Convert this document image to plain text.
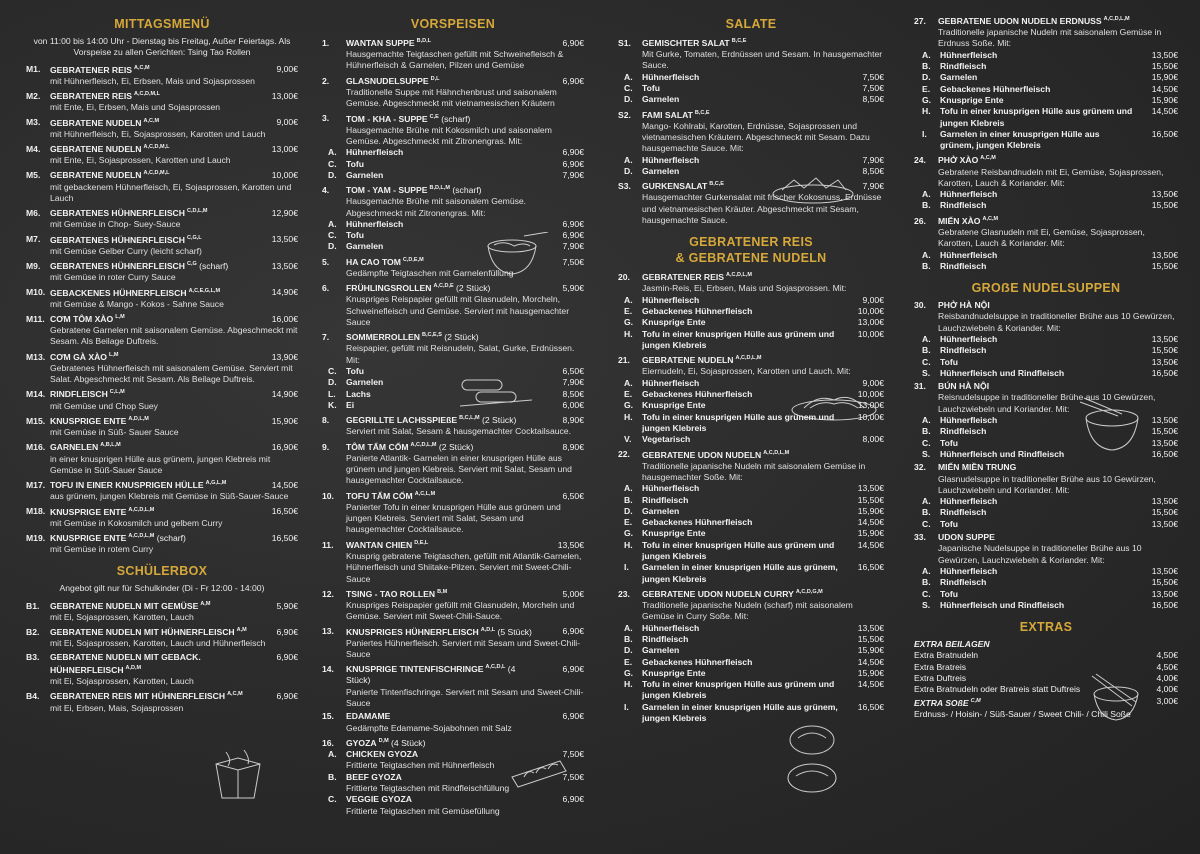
MITTAGSMENÜ
von 11:00 bis 14:00 Uhr - Dienstag bis Freitag, Außer Feiertags. Als Vorspeise zu allen Gerichten: Tsing Tao Rollen
M1.	GEBRATENER REIS $^{A,C,M}$	9,00€
mit Hühnerfleisch, Ei, Erbsen, Mais und Sojasprossen
M2.	GEBRATENER REIS $^{A,C,D,M,L}$	13,00€
mit Ente, Ei, Erbsen, Mais und Sojasprossen
M3.	GEBRATENE NUDELN $^{A,C,M}$	9,00€
mit Hühnerfleisch, Ei, Sojasprossen, Karotten und Lauch
M4.	GEBRATENE NUDELN $^{A,C,D,M,L}$	13,00€
mit Ente, Ei, Sojasprossen, Karotten und Lauch
M5.	GEBRATENE NUDELN $^{A,C,D,M,L}$	10,00€
mit gebackenem Hühnerfleisch, Ei, Sojasprossen, Karotten und Lauch
M6.	GEBRATENES HÜHNERFLEISCH $^{C,D,L,M}$	12,90€
mit Gemüse in Chop- Suey-Sauce
M7.	GEBRATENES HÜHNERFLEISCH $^{C,G,L}$	13,50€
mit Gemüse Gelber Curry (leicht scharf)
M9.	GEBRATENES HÜHNERFLEISCH $^{C,G}$ (scharf)	13,50€
mit Gemüse in roter Curry Sauce
M10. GEBACKENES HÜHNERFLEISCH $^{A,C,E,G,L,M}$	14,90€
mit Gemüse & Mango - Kokos - Sahne Sauce
M11. CƠM TÔM XÀO $^{L,M}$	16,00€
Gebratene Garnelen mit saisonalem Gemüse. Abgeschmeckt mit Sesam. Als Beilage Duftreis.
M13. CƠM GÀ XÀO $^{L,M}$	13,90€
Gebratenes Hühnerfleisch mit saisonalem Gemüse. Serviert mit Salat. Abgeschmeckt mit Sesam. Als Beilage Duftreis.
M14. RINDFLEISCH $^{C,L,M}$	14,90€
mit Gemüse und Chop Suey
M15. KNUSPRIGE ENTE $^{A,D,L,M}$	15,90€
mit Gemüse in Süß- Sauer Sauce
M16. GARNELEN $^{A,B,L,M}$	16,90€
in einer knusprigen Hülle aus grünem, jungen Klebreis mit Gemüse in Süß-Sauer Sauce
M17. TOFU IN EINER KNUSPRIGEN HÜLLE $^{A,G,L,M}$	14,50€
aus grünem, jungen Klebreis mit Gemüse in Süß-Sauer-Sauce
M18. KNUSPRIGE ENTE $^{A,C,D,L,M}$	16,50€
mit Gemüse in Kokosmilch und gelbem Curry
M19. KNUSPRIGE ENTE $^{A,C,D,L,M}$ (scharf)	16,50€
mit Gemüse in rotem Curry
SCHÜLERBOX
Angebot gilt nur für Schulkinder (Di - Fr 12:00 - 14:00)
B1.	GEBRATENE NUDELN MIT GEMÜSE $^{A,M}$	5,90€
mit Ei, Sojasprossen, Karotten, Lauch
B2.	GEBRATENE NUDELN MIT HÜHNERFLEISCH $^{A,M}$	6,90€
mit Ei, Sojasprossen, Karotten, Lauch und Hühnerfleisch
B3.	GEBRATENE NUDELN MIT GEBACK. HÜHNERFLEISCH $^{A,D,M}$
6,90€
mit Ei, Sojasprossen, Karotten, Lauch
B4.	GEBRATENER REIS MIT HÜHNERFLEISCH $^{A,C,M}$	6,90€
mit Ei, Erbsen, Mais, Sojasprossen
VORSPEISEN
1.	WANTAN SUPPE $^{B,D,L}$	6,90€
Hausgemachte Teigtaschen gefüllt mit Schweinefleisch & Hühnerfleisch & Garnelen, Pilzen und Gemüse
2.	GLASNUDELSUPPE $^{D,L}$	6,90€
Traditionelle Suppe mit Hähnchenbrust und saisonalem Gemüse. Abgeschmeckt mit vietnamesischen Kräutern
3.	TOM - KHA - SUPPE $^{C,E}$ (scharf)
Hausgemachte Brühe mit Kokosmilch und saisonalem Gemüse. Abgeschmeckt mit Zitronengras. Mit:
A.	Hühnerfleisch	6,90€
C.	Tofu	6,90€
D.	Garnelen	7,90€
4.	TOM - YAM - SUPPE $^{B,D,L,M}$ (scharf)
Hausgemachte Brühe mit saisonalem Gemüse. Abgeschmeckt mit Zitronengras. Mit:
A.	Hühnerfleisch	6,90€
C.	Tofu	6,90€
D.	Garnelen	7,90€
5.	HA CAO TOM $^{C,D,E,M}$	7,50€
Gedämpfte Teigtaschen mit Garnelenfüllung
6.	FRÜHLINGSROLLEN $^{A,C,D,E}$ (2 Stück)	5,90€
Knuspriges Reispapier gefüllt mit Glasnudeln, Morcheln, Schweinefleisch und Gemüse. Serviert mit hausgemachter Sauce
7.	SOMMERROLLEN $^{B,C,E,S}$ (2 Stück)
Reispapier, gefüllt mit Reisnudeln, Salat, Gurke, Erdnüssen. Mit:
C.	Tofu	6,50€
D.	Garnelen	7,90€
L.	Lachs	8,50€
K.	Ei	6,00€
8.	GEGRILLTE LACHSSPIEßE $^{B,C,L,M}$ (2 Stück)	8,90€
Serviert mit Salat, Sesam & hausgemachter Cocktailsauce.
9.	TÔM TẨM CỐM $^{A,C,D,L,M}$ (2 Stück)	8,90€
Panierte Atlantik- Garnelen in einer knusprigen Hülle aus grünem und jungen Klebreis. Serviert mit Salat, Sesam und hausgemachter Cocktailsauce.
10.	TOFU TẨM CỐM $^{A,C,L,M}$	6,50€
Panierter Tofu in einer knusprigen Hülle aus grünem und jungen Klebreis. Serviert mit Salat, Sesam und hausgemachter Cocktailsauce.
11.	WANTAN CHIEN $^{D,E,L}$	13,50€
Knusprig gebratene Teigtaschen, gefüllt mit Atlantik-Garnelen, Hühnerfleisch und Shiitake-Pilzen. Serviert mit Sweet-Chili-Sauce
12.	TSING - TAO ROLLEN $^{B,M}$	5,00€
Knuspriges Reispapier gefüllt mit Glasnudeln, Morcheln und Gemüse. Serviert mit Sweet-Chili-Sauce.
13.	KNUSPRIGES HÜHNERFLEISCH $^{A,D,L}$ (5 Stück)	6,90€
Paniertes Hühnerfleisch. Serviert mit Sesam und Sweet-Chili-Sauce
14.	KNUSPRIGE TINTENFISCHRINGE $^{A,C,D,L}$ (4 Stück)
6,90€
Panierte Tintenfischringe. Serviert mit Sesam und Sweet-Chili-Sauce
15.	EDAMAME	6,90€
Gedämpfte Edamame-Sojabohnen mit Salz
16.	GYOZA $^{D,M}$ (4 Stück)
A.	CHICKEN GYOZA	7,50€
Frittierte Teigtaschen mit Hühnerfleisch
B.	BEEF GYOZA	7,50€
Frittierte Teigtaschen mit Rindfleischfüllung
C.	VEGGIE GYOZA	6,90€
Frittierte Teigtaschen mit Gemüsefüllung
SALATE
S1.	GEMISCHTER SALAT $^{B,C,E}$
Mit Gurke, Tomaten, Erdnüssen und Sesam. In hausgemachter Sauce.
A.	Hühnerfleisch	7,50€
C.	Tofu	7,50€
D.	Garnelen	8,50€
S2.	FAMI SALAT $^{B,C,E}$
Mango- Kohlrabi, Karotten, Erdnüsse, Sojasprossen und vietnamesischen Kräutern. Abgeschmeckt mit Sesam. Dazu hausgemachte Sauce. Mit:
A.	Hühnerfleisch	7,90€
D.	Garnelen	8,50€
S3.	GURKENSALAT $^{B,C,E}$	7,90€
Hausgemachter Gurkensalat mit frischer Kokosnuss, Erdnüsse und vietnamesischen Kräuter. Abgeschmeckt mit Sesam, hausgemachte Sauce.
GEBRATENER REIS
& GEBRATENE NUDELN
20.	GEBRATENER REIS $^{A,C,D,L,M}$
Jasmin-Reis, Ei, Erbsen, Mais und Sojasprossen. Mit:
A.	Hühnerfleisch	9,00€
E.	Gebackenes Hühnerfleisch	10,00€
G.	Knusprige Ente	13,00€
H.	Tofu in einer knusprigen Hülle aus grünem und jungen Klebreis
10,00€
21.	GEBRATENE NUDELN $^{A,C,D,L,M}$
Eiernudeln, Ei, Sojasprossen, Karotten und Lauch. Mit:
A.	Hühnerfleisch	9,00€
E.	Gebackenes Hühnerfleisch	10,00€
G.	Knusprige Ente	13,00€
H.	Tofu in einer knusprigen Hülle aus grünem und jungen Klebreis
10,00€
V.	Vegetarisch	8,00€
22.	GEBRATENE UDON NUDELN $^{A,C,D,L,M}$
Traditionelle japanische Nudeln mit saisonalem Gemüse in hausgemachter Soße. Mit:
A.	Hühnerfleisch	13,50€
B.	Rindfleisch	15,50€
D.	Garnelen	15,90€
E.	Gebackenes Hühnerfleisch	14,50€
G.	Knusprige Ente	15,90€
H.	Tofu in einer knusprigen Hülle aus grünem und jungen Klebreis
14,50€
I.	Garnelen in einer knusprigen Hülle aus grünem, jungen Klebreis
16,50€
23.	GEBRATENE UDON NUDELN CURRY $^{A,C,D,G,M}$
Traditionelle japanische Nudeln (scharf) mit saisonalem Gemüse in Curry Soße. Mit:
A.	Hühnerfleisch	13,50€
B.	Rindfleisch	15,50€
D.	Garnelen	15,90€
E.	Gebackenes Hühnerfleisch	14,50€
G.	Knusprige Ente	15,90€
H.	Tofu in einer knusprigen Hülle aus grünem und jungen Klebreis
14,50€
I.	Garnelen in einer knusprigen Hülle aus grünem, jungen Klebreis
16,50€
27.	GEBRATENE UDON NUDELN ERDNUSS $^{A,C,D,L,M}$
Traditionelle japanische Nudeln mit saisonalem Gemüse in Erdnuss Soße. Mit:
A.	Hühnerfleisch	13,50€
B.	Rindfleisch	15,50€
D.	Garnelen	15,90€
E.	Gebackenes Hühnerfleisch	14,50€
G.	Knusprige Ente	15,90€
H.	Tofu in einer knusprigen Hülle aus grünem und jungen Klebreis
14,50€
I.	Garnelen in einer knusprigen Hülle aus grünem, jungen Klebreis
16,50€
24.	PHỞ XÀO $^{A,C,M}$
Gebratene Reisbandnudeln mit Ei, Gemüse, Sojasprossen, Karotten, Lauch & Koriander. Mit:
A.	Hühnerfleisch	13,50€
B.	Rindfleisch	15,50€
26.	MIẾN XÀO $^{A,C,M}$
Gebratene Glasnudeln mit Ei, Gemüse, Sojasprossen, Karotten, Lauch & Koriander. Mit:
A.	Hühnerfleisch	13,50€
B.	Rindfleisch	15,50€
GROẞE NUDELSUPPEN
30.	PHỞ HÀ NỘI
Reisbandnudelsuppe in traditioneller Brühe aus 10 Gewürzen, Lauchzwiebeln & Koriander. Mit:
A.	Hühnerfleisch	13,50€
B.	Rindfleisch	15,50€
C.	Tofu	13,50€
S.	Hühnerfleisch und Rindfleisch	16,50€
31.	BÚN HÀ NỘI
Reisnudelsuppe in traditioneller Brühe aus 10 Gewürzen, Lauchzwiebeln und Koriander. Mit:
A.	Hühnerfleisch	13,50€
B.	Rindfleisch	15,50€
C.	Tofu	13,50€
S.	Hühnerfleisch und Rindfleisch	16,50€
32.	MIẾN MIỀN TRUNG
Glasnudelsuppe in traditioneller Brühe aus 10 Gewürzen, Lauchzwiebeln und Koriander. Mit:
A.	Hühnerfleisch	13,50€
B.	Rindfleisch	15,50€
C.	Tofu	13,50€
33.	UDON SUPPE
Japanische Nudelsuppe in traditioneller Brühe aus 10 Gewürzen, Lauchzwiebeln & Koriander. Mit:
A.	Hühnerfleisch	13,50€
B.	Rindfleisch	15,50€
C.	Tofu	13,50€
S.	Hühnerfleisch und Rindfleisch	16,50€
EXTRAS
EXTRA BEILAGEN
Extra Bratnudeln	4,50€
Extra Bratreis	4,50€
Extra Duftreis	4,00€
Extra Bratnudeln oder Bratreis statt Duftreis	4,00€
EXTRA SOßE $^{C,M}$	3,00€
Erdnuss- / Hoisin- / Süß-Sauer / Sweet Chili- / Chili Soße
